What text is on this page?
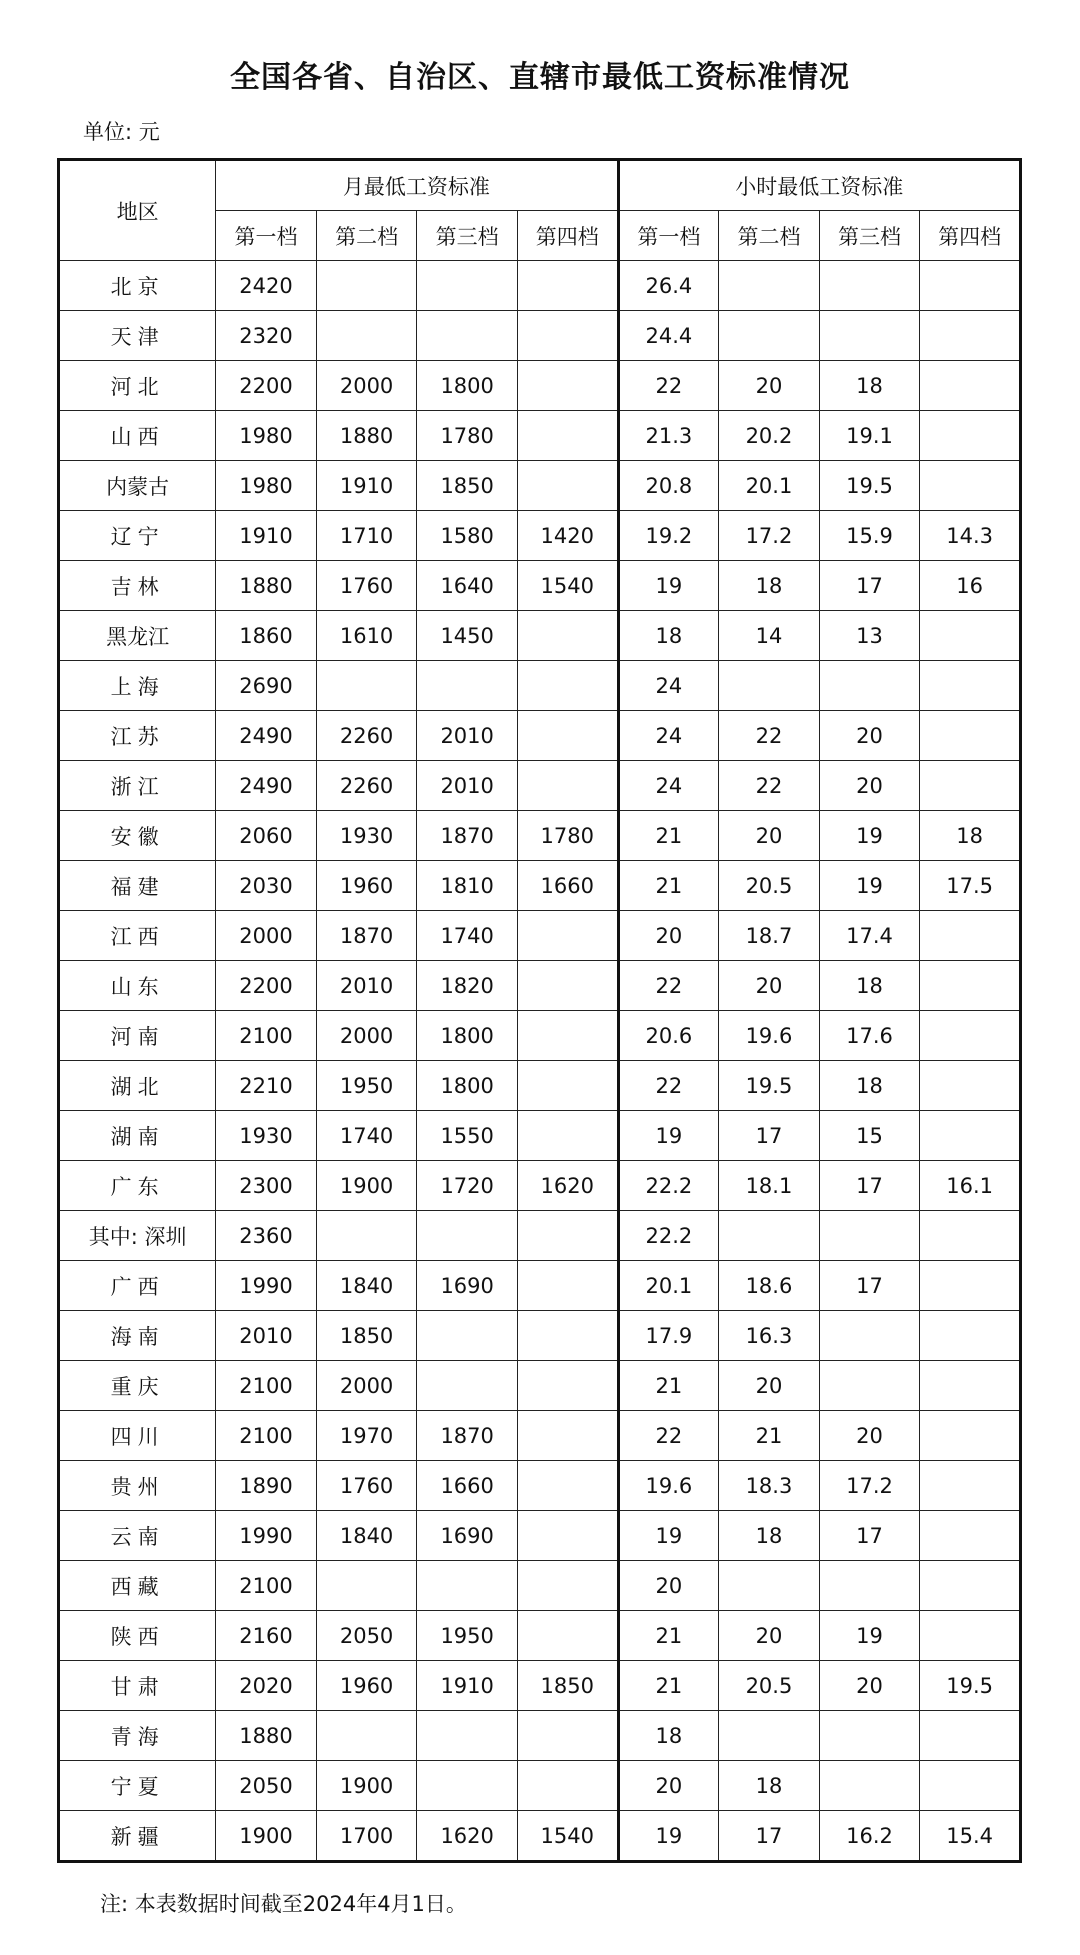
全国各省、自治区、直辖市最低工资标准情况
单位: 元
地区	月最低工资标准				小时最低工资标准			
	第一档	第二档	第三档	第四档	第一档	第二档	第三档	第四档
北京	2420				26.4			
天津	2320				24.4			
河北	2200	2000	1800		22	20	18	
山西	1980	1880	1780		21.3	20.2	19.1	
内蒙古	1980	1910	1850		20.8	20.1	19.5	
辽宁	1910	1710	1580	1420	19.2	17.2	15.9	14.3
吉林	1880	1760	1640	1540	19	18	17	16
黑龙江	1860	1610	1450		18	14	13	
上海	2690				24			
江苏	2490	2260	2010		24	22	20	
浙江	2490	2260	2010		24	22	20	
安徽	2060	1930	1870	1780	21	20	19	18
福建	2030	1960	1810	1660	21	20.5	19	17.5
江西	2000	1870	1740		20	18.7	17.4	
山东	2200	2010	1820		22	20	18	
河南	2100	2000	1800		20.6	19.6	17.6	
湖北	2210	1950	1800		22	19.5	18	
湖南	1930	1740	1550		19	17	15	
广东	2300	1900	1720	1620	22.2	18.1	17	16.1
其中: 深圳	2360				22.2			
广西	1990	1840	1690		20.1	18.6	17	
海南	2010	1850			17.9	16.3		
重庆	2100	2000			21	20		
四川	2100	1970	1870		22	21	20	
贵州	1890	1760	1660		19.6	18.3	17.2	
云南	1990	1840	1690		19	18	17	
西藏	2100				20			
陕西	2160	2050	1950		21	20	19	
甘肃	2020	1960	1910	1850	21	20.5	20	19.5
青海	1880				18			
宁夏	2050	1900			20	18		
新疆	1900	1700	1620	1540	19	17	16.2	15.4
注: 本表数据时间截至2024年4月1日。
